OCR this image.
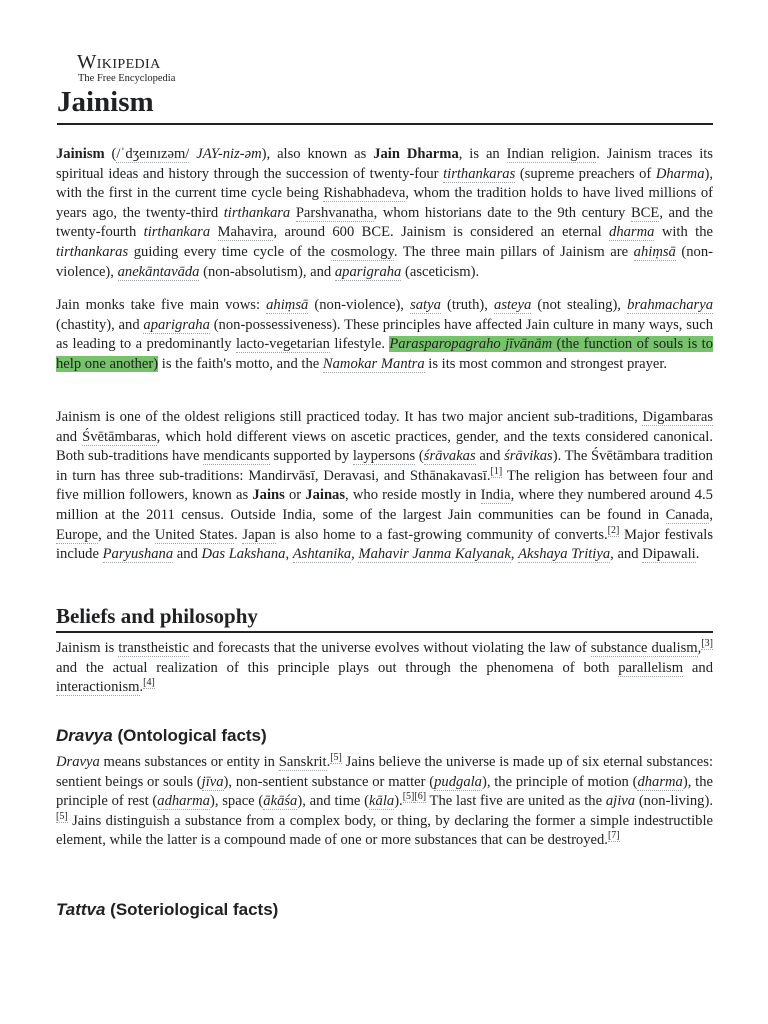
Wikipedia
The Free Encyclopedia
Jainism

Jainism (/ˈdʒeɪnɪzəm/ JAY-niz-əm), also known as Jain Dharma, is an Indian religion. Jainism traces its spiritual ideas and history through the succession of twenty-four tirthankaras (supreme preachers of Dharma), with the first in the current time cycle being Rishabhadeva, whom the tradition holds to have lived millions of years ago, the twenty-third tirthankara Parshvanatha, whom historians date to the 9th century BCE, and the twenty-fourth tirthankara Mahavira, around 600 BCE. Jainism is considered an eternal dharma with the tirthankaras guiding every time cycle of the cosmology. The three main pillars of Jainism are ahiṃsā (non-violence), anekāntavāda (non-absolutism), and aparigraha (asceticism).

Jain monks take five main vows: ahiṃsā (non-violence), satya (truth), asteya (not stealing), brahmacharya (chastity), and aparigraha (non-possessiveness). These principles have affected Jain culture in many ways, such as leading to a predominantly lacto-vegetarian lifestyle. Parasparopagraho jīvānām (the function of souls is to help one another) is the faith's motto, and the Namokar Mantra is its most common and strongest prayer.

Jainism is one of the oldest religions still practiced today. It has two major ancient sub-traditions, Digambaras and Śvētāmbaras, which hold different views on ascetic practices, gender, and the texts considered canonical. Both sub-traditions have mendicants supported by laypersons (śrāvakas and śrāvikas). The Śvētāmbara tradition in turn has three sub-traditions: Mandirvāsī, Deravasi, and Sthānakavasī.[1] The religion has between four and five million followers, known as Jains or Jainas, who reside mostly in India, where they numbered around 4.5 million at the 2011 census. Outside India, some of the largest Jain communities can be found in Canada, Europe, and the United States. Japan is also home to a fast-growing community of converts.[2] Major festivals include Paryushana and Das Lakshana, Ashtanika, Mahavir Janma Kalyanak, Akshaya Tritiya, and Dipawali.

Beliefs and philosophy

Jainism is transtheistic and forecasts that the universe evolves without violating the law of substance dualism,[3] and the actual realization of this principle plays out through the phenomena of both parallelism and interactionism.[4]

Dravya (Ontological facts)

Dravya means substances or entity in Sanskrit.[5] Jains believe the universe is made up of six eternal substances: sentient beings or souls (jīva), non-sentient substance or matter (pudgala), the principle of motion (dharma), the principle of rest (adharma), space (ākāśa), and time (kāla).[5][6] The last five are united as the ajiva (non-living).[5] Jains distinguish a substance from a complex body, or thing, by declaring the former a simple indestructible element, while the latter is a compound made of one or more substances that can be destroyed.[7]

Tattva (Soteriological facts)
